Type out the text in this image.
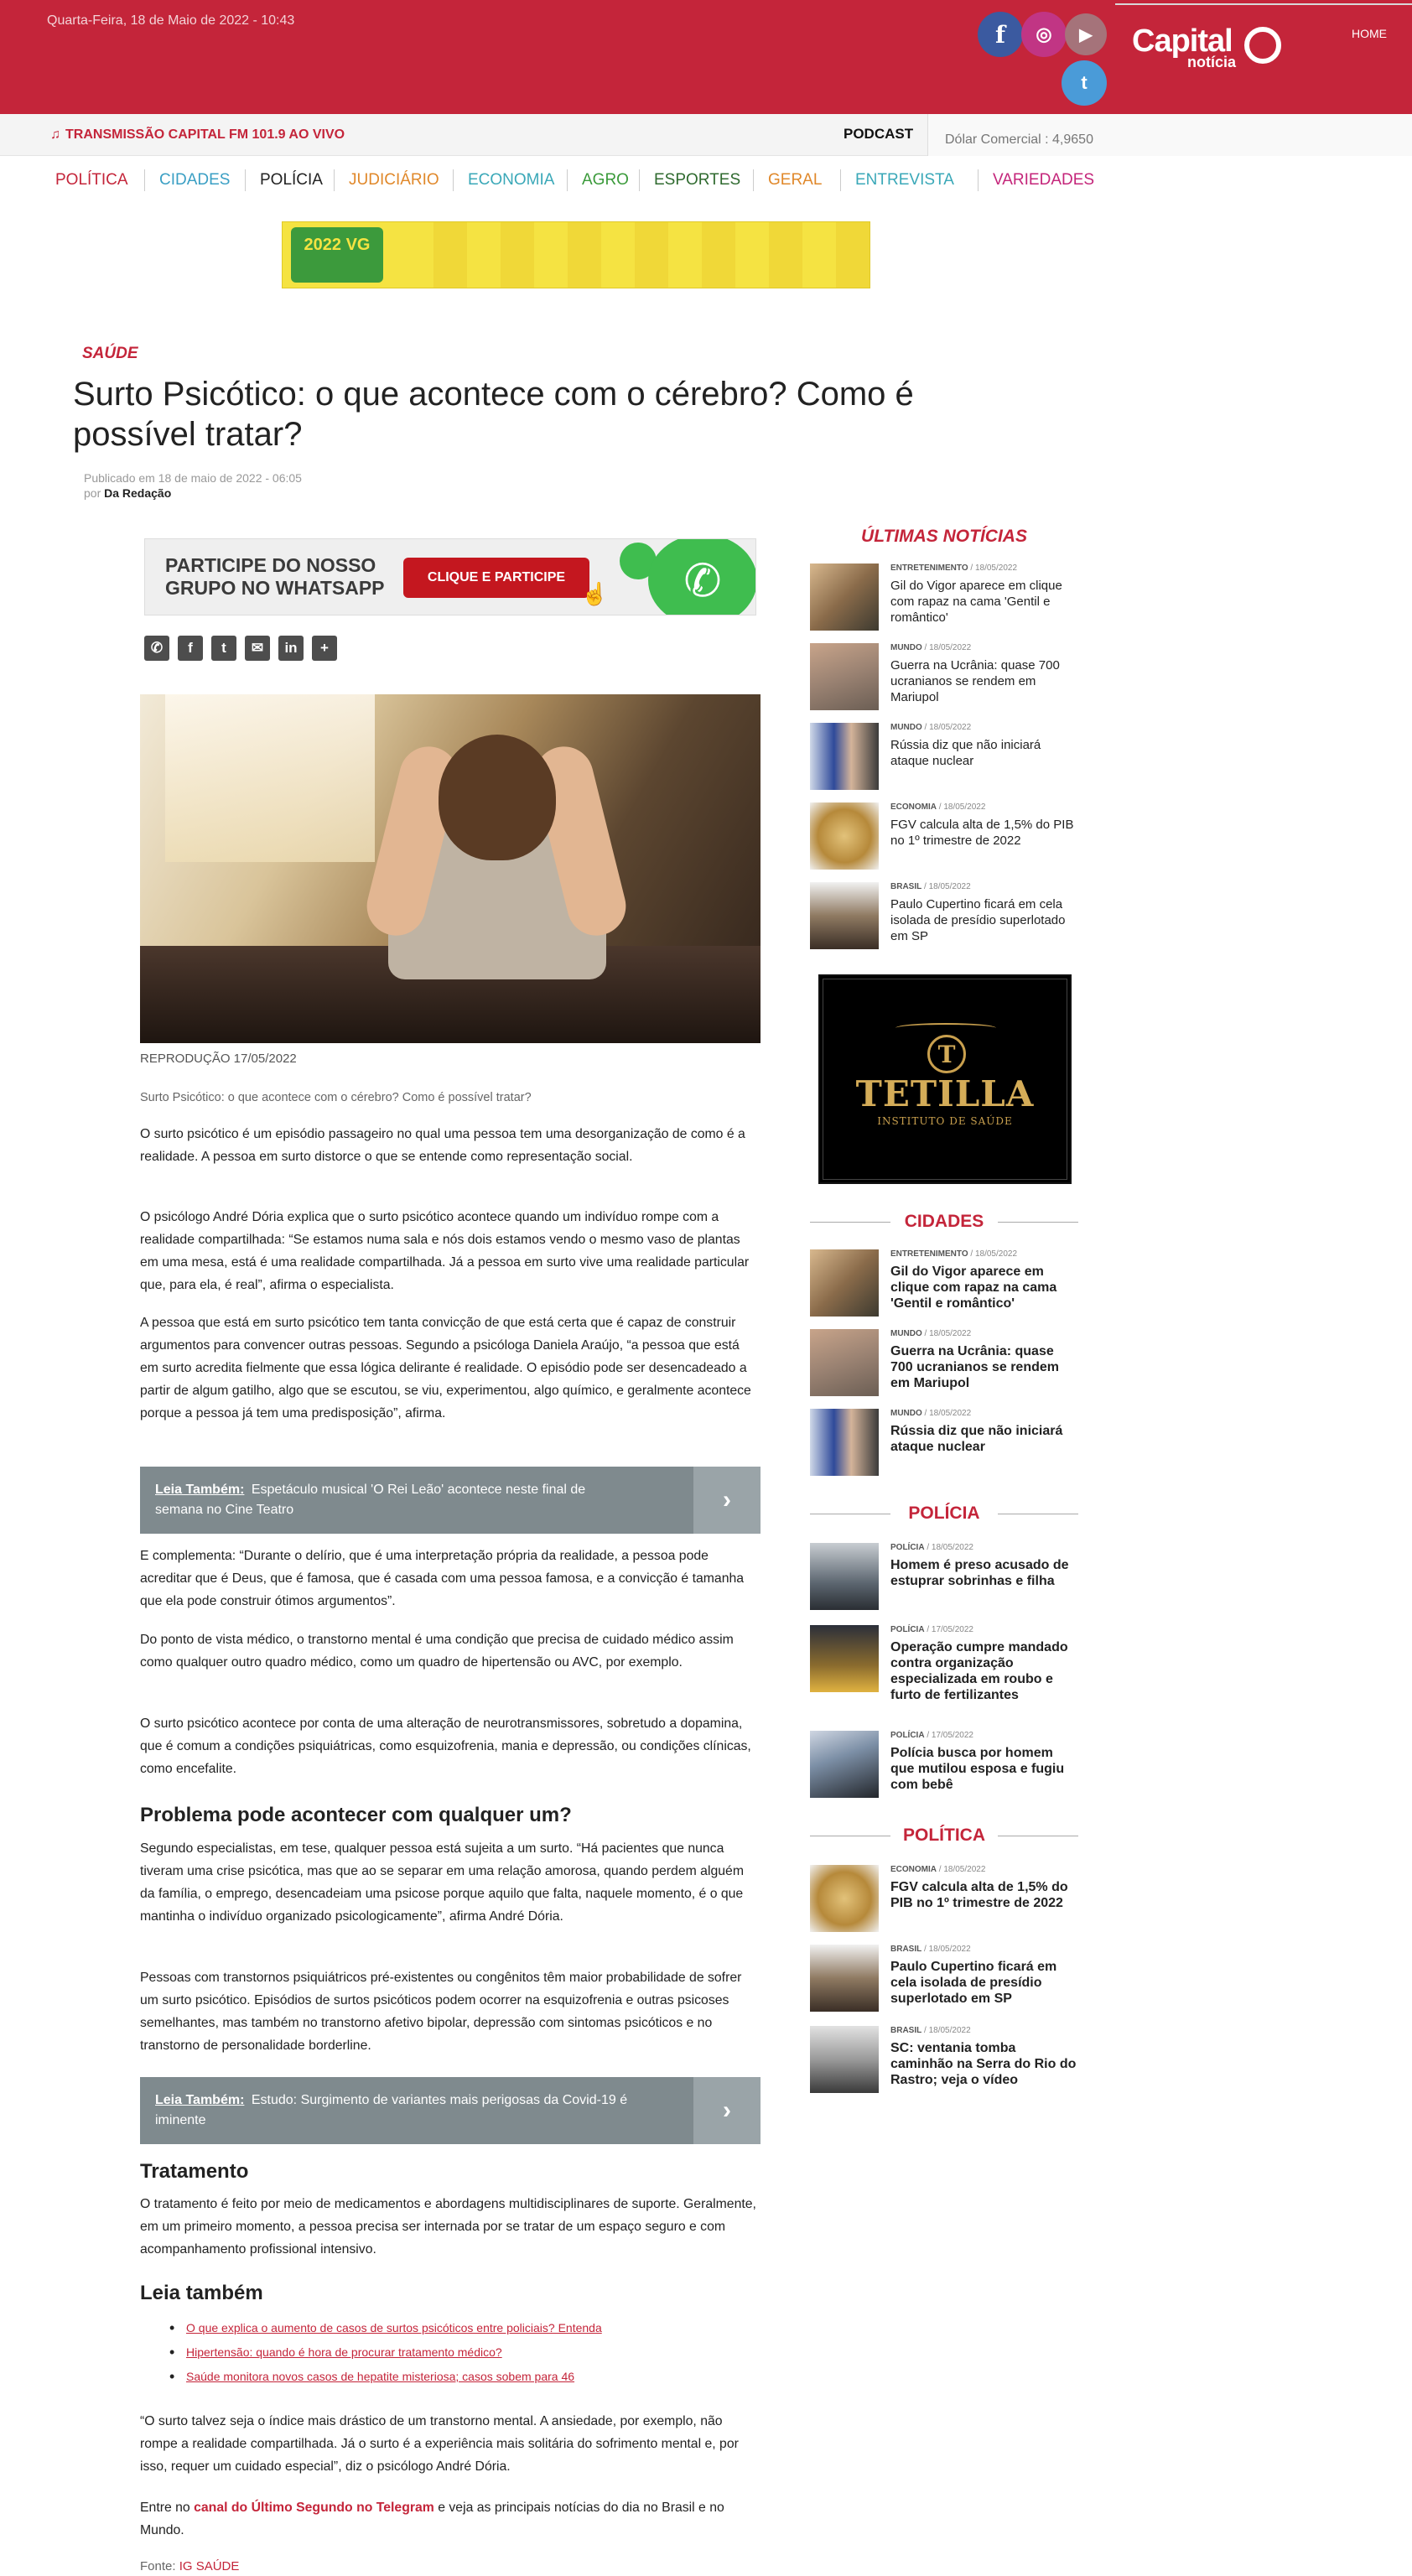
Quarta-Feira, 18 de Maio de 2022 - 10:43	f	◎	▶
t
Capital
notícia
HOME
♫ TRANSMISSÃO CAPITAL FM 101.9 AO VIVO	PODCAST Dólar Comercial : 4,9650
POLÍTICA	CIDADES	POLÍCIA	JUDICIÁRIO	ECONOMIA	AGRO	ESPORTES	GERAL	ENTREVISTA	VARIEDADES
2022 VG
SAÚDE
Surto Psicótico: o que acontece com o cérebro? Como é possível tratar?
Publicado em 18 de maio de 2022 - 06:05
por Da Redação
PARTICIPE DO NOSSO
GRUPO NO WHATSAPP	CLIQUE E PARTICIPE
☝	✆
✆	f	t	✉	in	+
REPRODUÇÃO 17/05/2022

Surto Psicótico: o que acontece com o cérebro? Como é possível tratar?

O surto psicótico é um episódio passageiro no qual uma pessoa tem uma desorganização de como é a realidade. A pessoa em surto distorce o que se entende como representação social.

O psicólogo André Dória explica que o surto psicótico acontece quando um indivíduo rompe com a realidade compartilhada: “Se estamos numa sala e nós dois estamos vendo o mesmo vaso de plantas em uma mesa, está é uma realidade compartilhada. Já a pessoa em surto vive uma realidade particular que, para ela, é real”, afirma o especialista.

A pessoa que está em surto psicótico tem tanta convicção de que está certa que é capaz de construir argumentos para convencer outras pessoas. Segundo a psicóloga Daniela Araújo, “a pessoa que está em surto acredita fielmente que essa lógica delirante é realidade. O episódio pode ser desencadeado a partir de algum gatilho, algo que se escutou, se viu, experimentou, algo químico, e geralmente acontece porque a pessoa já tem uma predisposição”, afirma.

Leia Também: Espetáculo musical 'O Rei Leão' acontece neste final de semana no Cine Teatro	›

E complementa: “Durante o delírio, que é uma interpretação própria da realidade, a pessoa pode acreditar que é Deus, que é famosa, que é casada com uma pessoa famosa, e a convicção é tamanha que ela pode construir ótimos argumentos”.

Do ponto de vista médico, o transtorno mental é uma condição que precisa de cuidado médico assim como qualquer outro quadro médico, como um quadro de hipertensão ou AVC, por exemplo.

O surto psicótico acontece por conta de uma alteração de neurotransmissores, sobretudo a dopamina, que é comum a condições psiquiátricas, como esquizofrenia, mania e depressão, ou condições clínicas, como encefalite.

Problema pode acontecer com qualquer um?

Segundo especialistas, em tese, qualquer pessoa está sujeita a um surto. “Há pacientes que nunca tiveram uma crise psicótica, mas que ao se separar em uma relação amorosa, quando perdem alguém da família, o emprego, desencadeiam uma psicose porque aquilo que falta, naquele momento, é o que mantinha o indivíduo organizado psicologicamente”, afirma André Dória.

Pessoas com transtornos psiquiátricos pré-existentes ou congênitos têm maior probabilidade de sofrer um surto psicótico. Episódios de surtos psicóticos podem ocorrer na esquizofrenia e outras psicoses semelhantes, mas também no transtorno afetivo bipolar, depressão com sintomas psicóticos e no transtorno de personalidade borderline.

Leia Também: Estudo: Surgimento de variantes mais perigosas da Covid-19 é iminente	›
Tratamento

O tratamento é feito por meio de medicamentos e abordagens multidisciplinares de suporte. Geralmente, em um primeiro momento, a pessoa precisa ser internada por se tratar de um espaço seguro e com acompanhamento profissional intensivo.

Leia também
• O que explica o aumento de casos de surtos psicóticos entre policiais? Entenda
• Hipertensão: quando é hora de procurar tratamento médico?
• Saúde monitora novos casos de hepatite misteriosa; casos sobem para 46

“O surto talvez seja o índice mais drástico de um transtorno mental. A ansiedade, por exemplo, não rompe a realidade compartilhada. Já o surto é a experiência mais solitária do sofrimento mental e, por isso, requer um cuidado especial”, diz o psicólogo André Dória.

Entre no canal do Último Segundo no Telegram e veja as principais notícias do dia no Brasil e no Mundo.

Fonte: IG SAÚDE
ÚLTIMAS NOTÍCIAS
ENTRETENIMENTO / 18/05/2022
Gil do Vigor aparece em clique com rapaz na cama 'Gentil e romântico'
MUNDO / 18/05/2022
Guerra na Ucrânia: quase 700 ucranianos se rendem em Mariupol
MUNDO / 18/05/2022
Rússia diz que não iniciará ataque nuclear
ECONOMIA / 18/05/2022
FGV calcula alta de 1,5% do PIB no 1º trimestre de 2022
BRASIL / 18/05/2022
Paulo Cupertino ficará em cela isolada de presídio superlotado em SP
T
TETILLA
INSTITUTO DE SAÚDE
CIDADES
ENTRETENIMENTO / 18/05/2022
Gil do Vigor aparece em clique com rapaz na cama 'Gentil e romântico'
MUNDO / 18/05/2022
Guerra na Ucrânia: quase 700 ucranianos se rendem em Mariupol
MUNDO / 18/05/2022
Rússia diz que não iniciará ataque nuclear
POLÍCIA
POLÍCIA / 18/05/2022
Homem é preso acusado de estuprar sobrinhas e filha
POLÍCIA / 17/05/2022
Operação cumpre mandado contra organização especializada em roubo e furto de fertilizantes
POLÍCIA / 17/05/2022
Polícia busca por homem que mutilou esposa e fugiu com bebê
POLÍTICA
ECONOMIA / 18/05/2022
FGV calcula alta de 1,5% do PIB no 1º trimestre de 2022
BRASIL / 18/05/2022
Paulo Cupertino ficará em cela isolada de presídio superlotado em SP
BRASIL / 18/05/2022
SC: ventania tomba caminhão na Serra do Rio do Rastro; veja o vídeo
